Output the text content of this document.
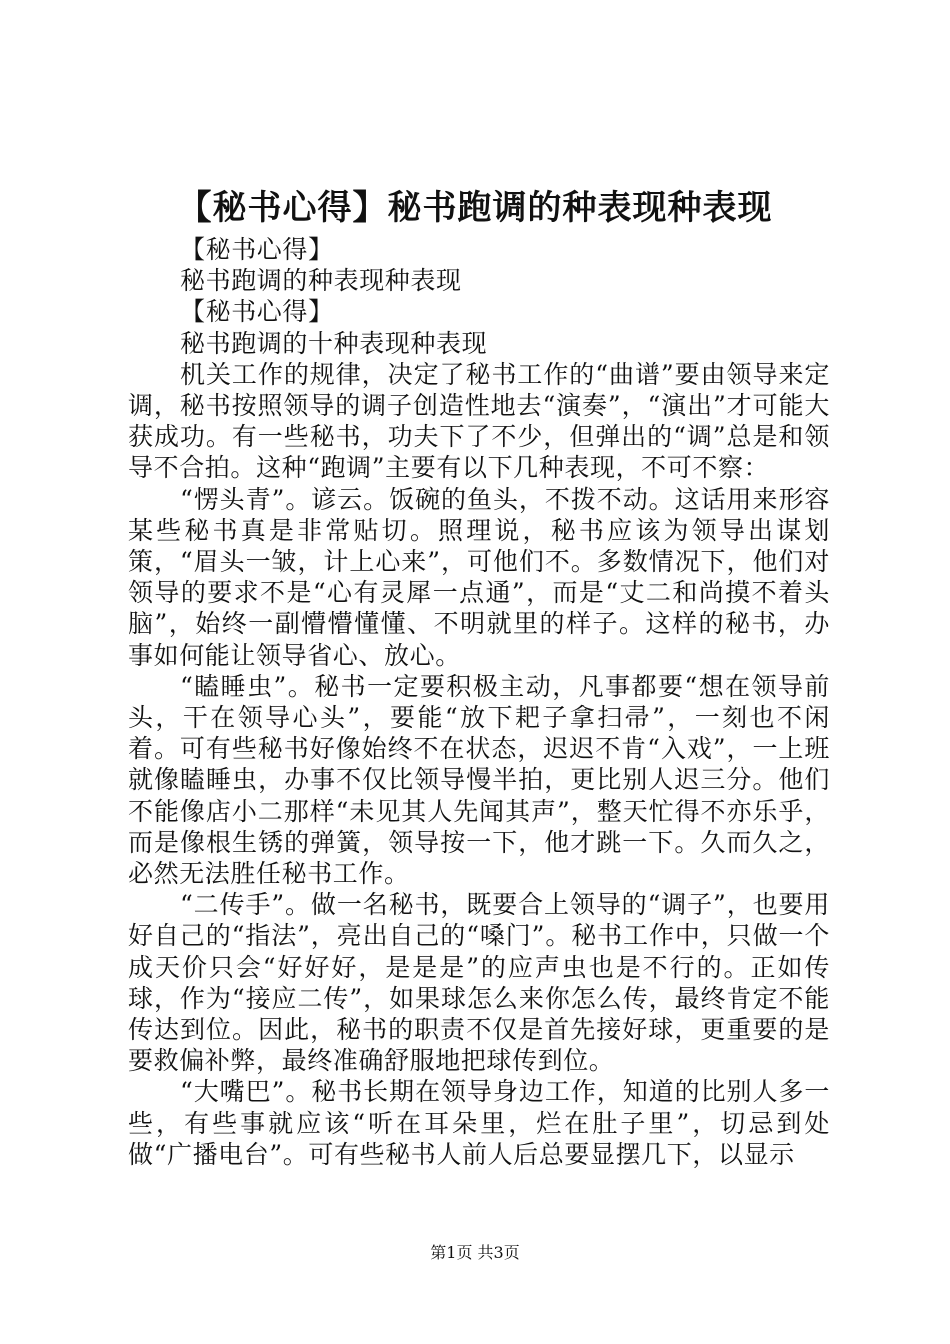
【秘书心得】秘书跑调的种表现种表现
【秘书心得】
秘书跑调的种表现种表现
【秘书心得】
秘书跑调的十种表现种表现

机关工作的规律，决定了秘书工作的“曲谱”要由领导来定调，秘书按照领导的调子创造性地去“演奏”，“演出”才可能大获成功。有一些秘书，功夫下了不少，但弹出的“调”总是和领导不合拍。这种“跑调”主要有以下几种表现，不可不察：

“愣头青”。谚云。饭碗的鱼头，不拨不动。这话用来形容某些秘书真是非常贴切。照理说，秘书应该为领导出谋划策，“眉头一皱，计上心来”，可他们不。多数情况下，他们对领导的要求不是“心有灵犀一点通”，而是“丈二和尚摸不着头脑”，始终一副懵懵懂懂、不明就里的样子。这样的秘书，办事如何能让领导省心、放心。

“瞌睡虫”。秘书一定要积极主动，凡事都要“想在领导前头，干在领导心头”，要能“放下耙子拿扫帚”，一刻也不闲着。可有些秘书好像始终不在状态，迟迟不肯“入戏”，一上班就像瞌睡虫，办事不仅比领导慢半拍，更比别人迟三分。他们不能像店小二那样“未见其人先闻其声”，整天忙得不亦乐乎，而是像根生锈的弹簧，领导按一下，他才跳一下。久而久之，必然无法胜任秘书工作。

“二传手”。做一名秘书，既要合上领导的“调子”，也要用好自己的“指法”，亮出自己的“嗓门”。秘书工作中，只做一个成天价只会“好好好，是是是”的应声虫也是不行的。正如传球，作为“接应二传”，如果球怎么来你怎么传，最终肯定不能传达到位。因此，秘书的职责不仅是首先接好球，更重要的是要救偏补弊，最终准确舒服地把球传到位。

“大嘴巴”。秘书长期在领导身边工作，知道的比别人多一些，有些事就应该“听在耳朵里，烂在肚子里”，切忌到处做“广播电台”。可有些秘书人前人后总要显摆几下，以显示

第1页 共3页
